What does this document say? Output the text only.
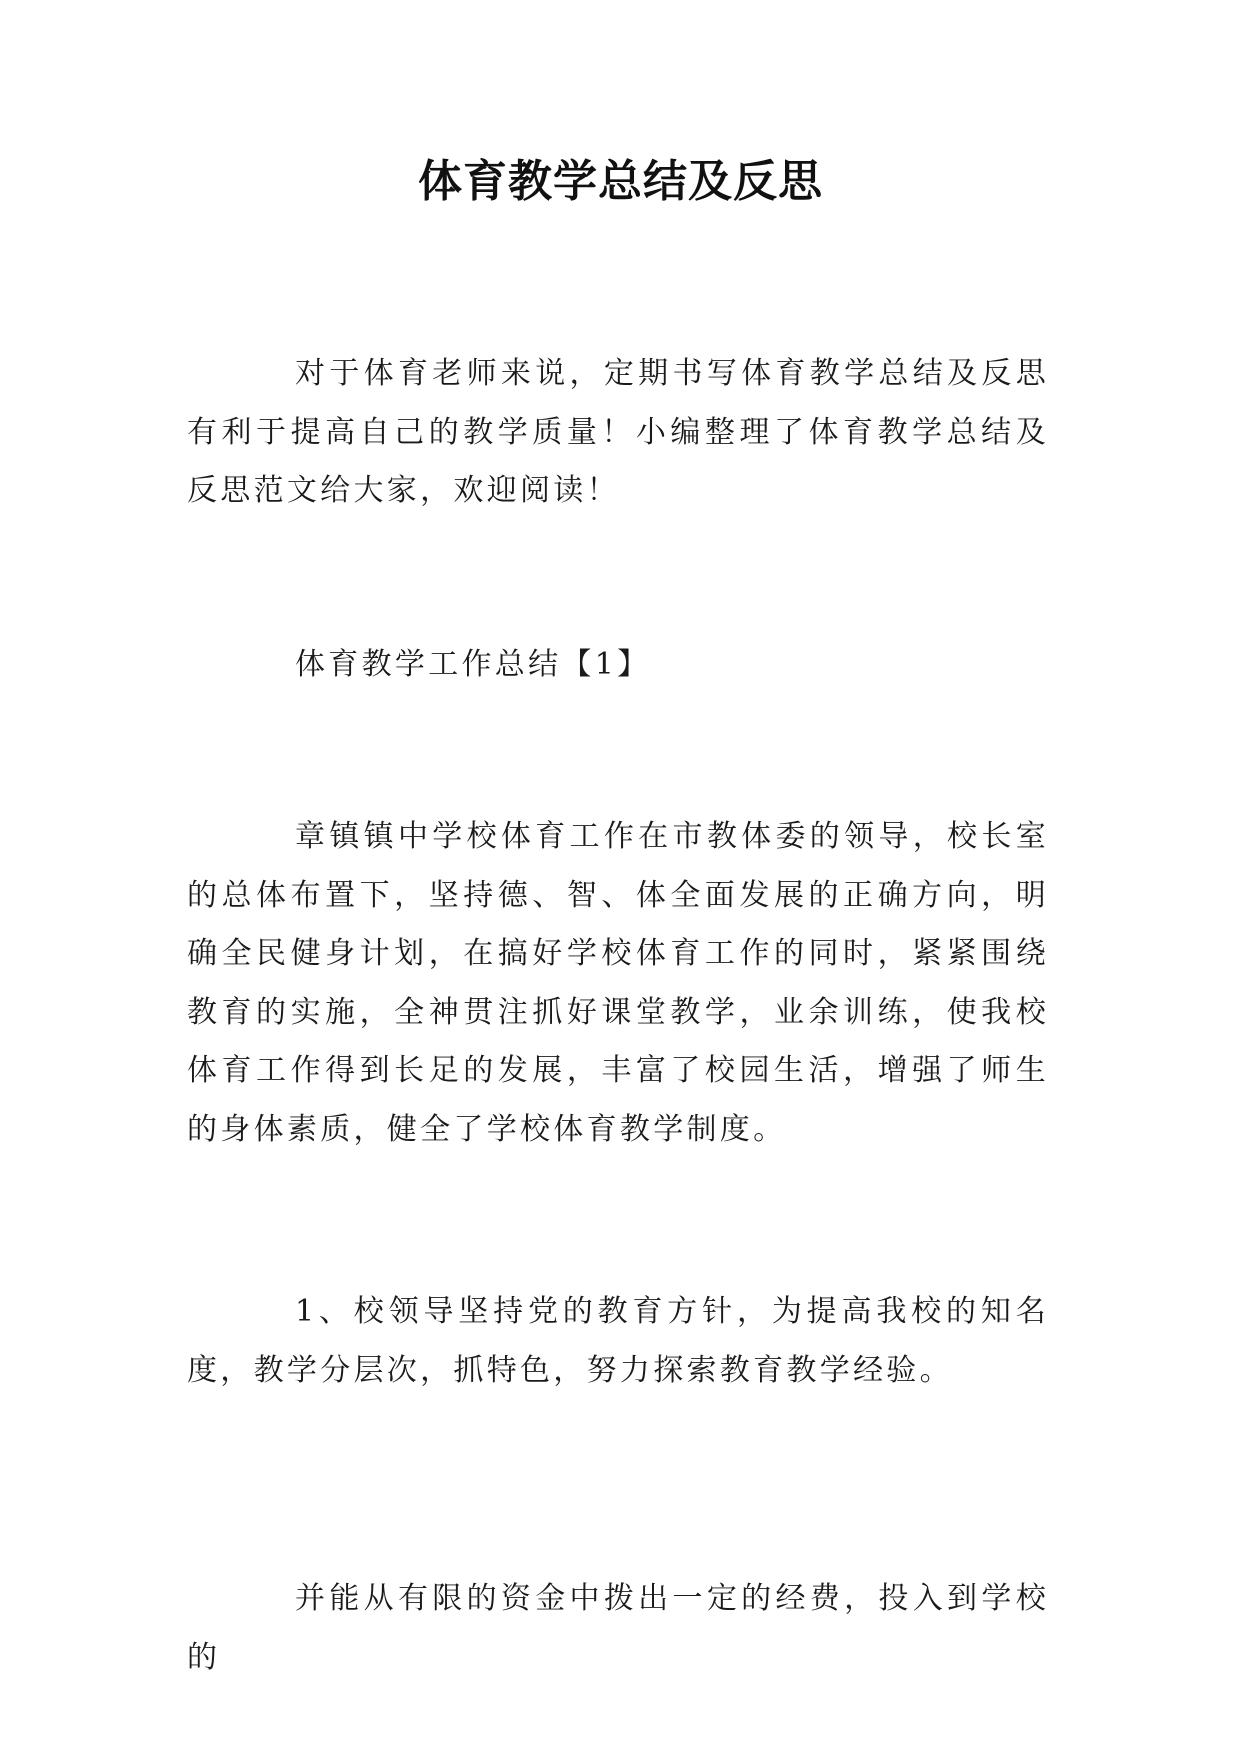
体育教学总结及反思

对于体育老师来说，定期书写体育教学总结及反思有利于提高自己的教学质量！小编整理了体育教学总结及反思范文给大家，欢迎阅读！

体育教学工作总结【1】

章镇镇中学校体育工作在市教体委的领导，校长室的总体布置下，坚持德、智、体全面发展的正确方向，明确全民健身计划，在搞好学校体育工作的同时，紧紧围绕教育的实施，全神贯注抓好课堂教学，业余训练，使我校体育工作得到长足的发展，丰富了校园生活，增强了师生的身体素质，健全了学校体育教学制度。

1、校领导坚持党的教育方针，为提高我校的知名度，教学分层次，抓特色，努力探索教育教学经验。

并能从有限的资金中拨出一定的经费，投入到学校的
